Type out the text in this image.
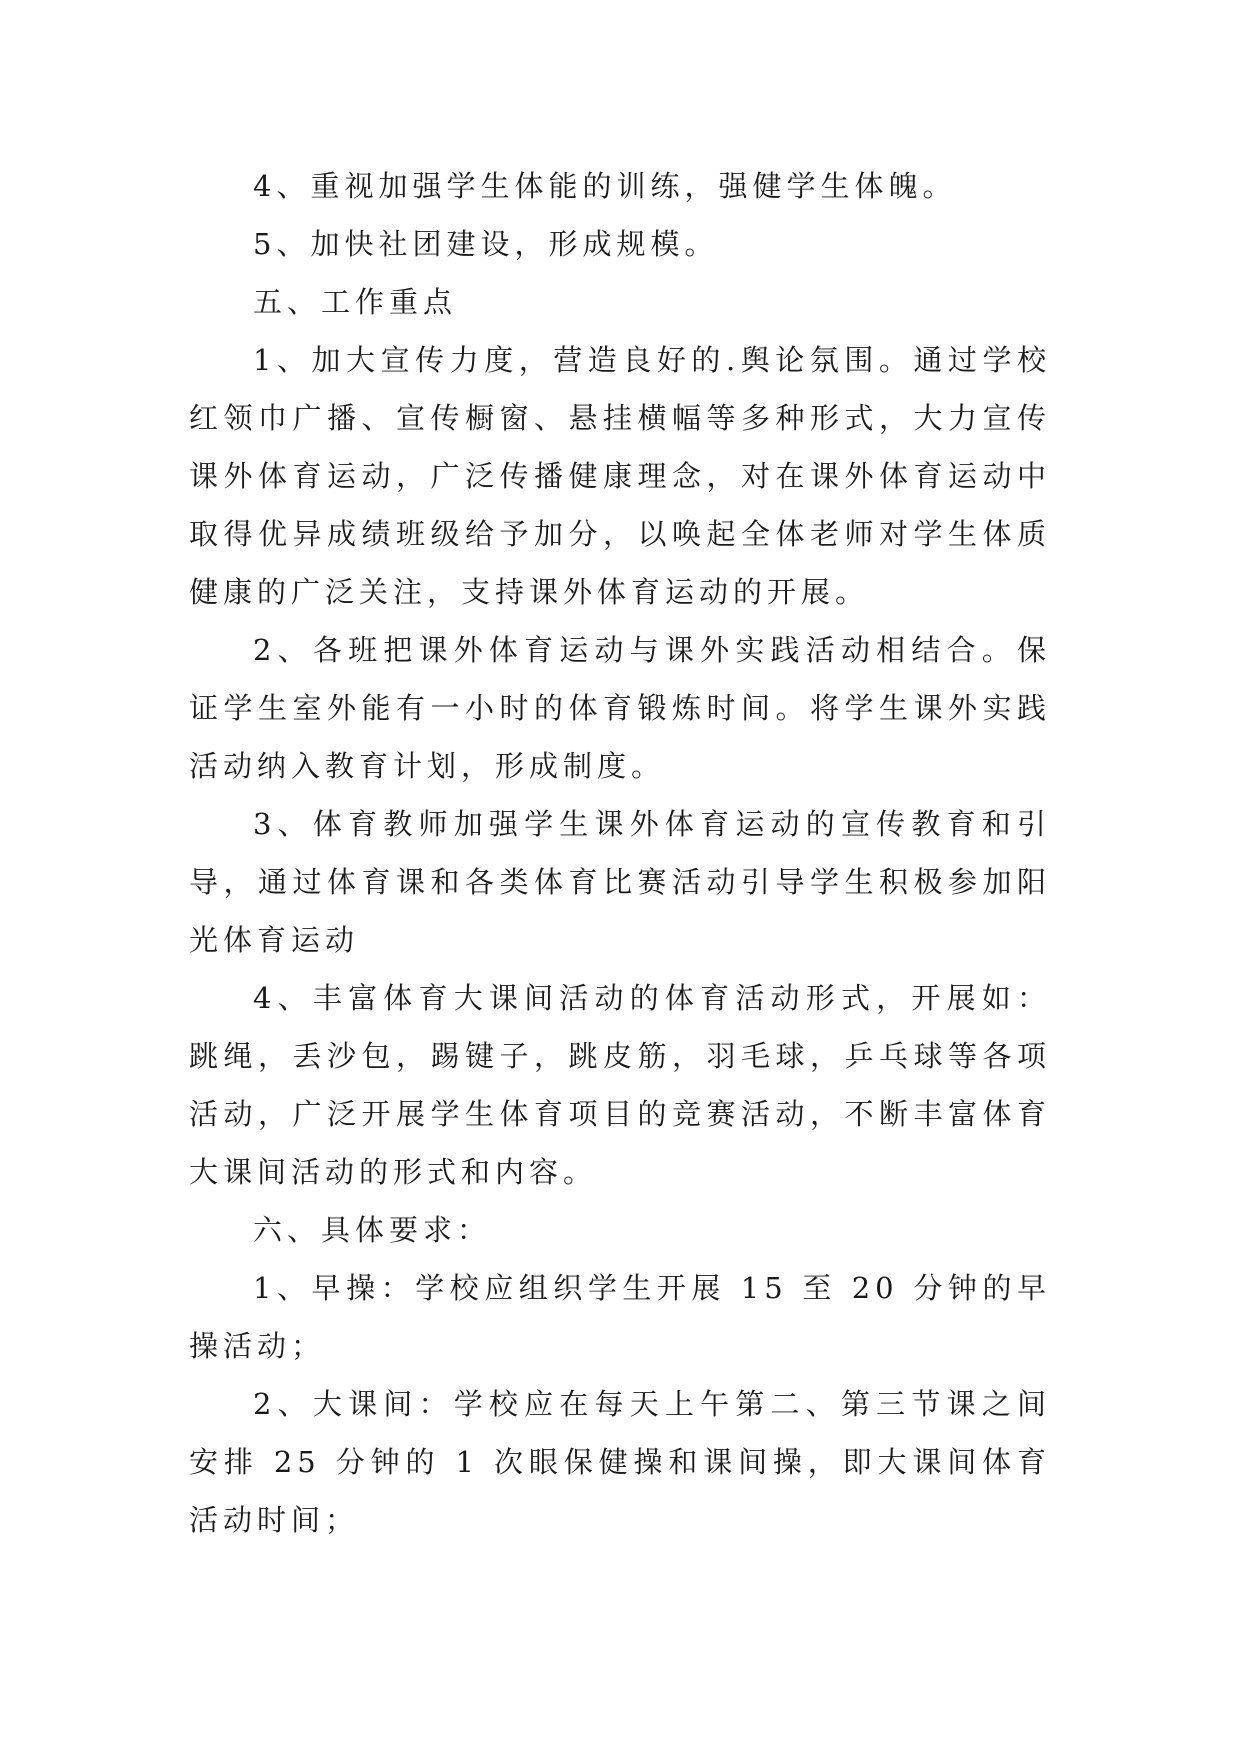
4、重视加强学生体能的训练，强健学生体魄。

5、加快社团建设，形成规模。

五、工作重点

1、加大宣传力度，营造良好的.舆论氛围。通过学校红领巾广播、宣传橱窗、悬挂横幅等多种形式，大力宣传课外体育运动，广泛传播健康理念，对在课外体育运动中取得优异成绩班级给予加分，以唤起全体老师对学生体质健康的广泛关注，支持课外体育运动的开展。

2、各班把课外体育运动与课外实践活动相结合。保证学生室外能有一小时的体育锻炼时间。将学生课外实践活动纳入教育计划，形成制度。

3、体育教师加强学生课外体育运动的宣传教育和引导，通过体育课和各类体育比赛活动引导学生积极参加阳光体育运动

4、丰富体育大课间活动的体育活动形式，开展如：跳绳，丢沙包，踢键子，跳皮筋，羽毛球，乒乓球等各项活动，广泛开展学生体育项目的竞赛活动，不断丰富体育大课间活动的形式和内容。

六、具体要求：

1、早操：学校应组织学生开展 15 至 20 分钟的早操活动；

2、大课间：学校应在每天上午第二、第三节课之间安排 25 分钟的 1 次眼保健操和课间操，即大课间体育活动时间；
